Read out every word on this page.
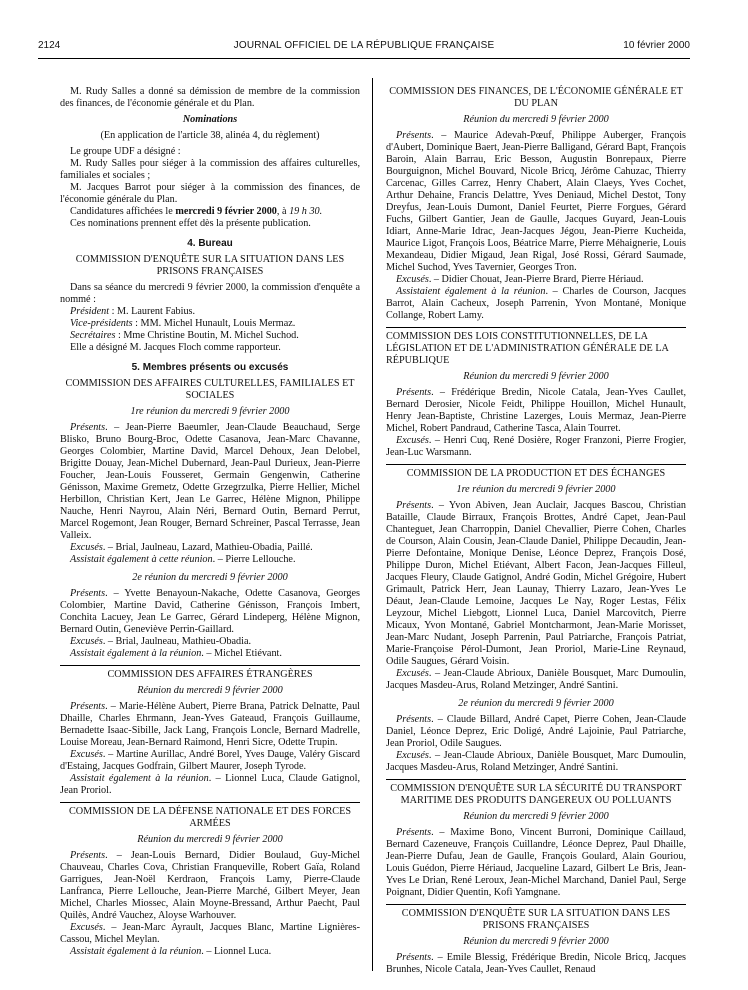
2124	JOURNAL OFFICIEL DE LA RÉPUBLIQUE FRANÇAISE	10 février 2000

M. Rudy Salles a donné sa démission de membre de la commission des finances, de l'économie générale et du Plan.

Nominations

(En application de l'article 38, alinéa 4, du règlement)

Le groupe UDF a désigné :

M. Rudy Salles pour siéger à la commission des affaires culturelles, familiales et sociales ;

M. Jacques Barrot pour siéger à la commission des finances, de l'économie générale du Plan.

Candidatures affichées le mercredi 9 février 2000, à 19 h 30.

Ces nominations prennent effet dès la présente publication.

4. Bureau

COMMISSION D'ENQUÊTE SUR LA SITUATION DANS LES PRISONS FRANÇAISES

Dans sa séance du mercredi 9 février 2000, la commission d'enquête a nommé :

Président : M. Laurent Fabius.

Vice-présidents : MM. Michel Hunault, Louis Mermaz.

Secrétaires : Mme Christine Boutin, M. Michel Suchod.

Elle a désigné M. Jacques Floch comme rapporteur.

5. Membres présents ou excusés

COMMISSION DES AFFAIRES CULTURELLES, FAMILIALES ET SOCIALES

1re réunion du mercredi 9 février 2000

Présents. – Jean-Pierre Baeumler, Jean-Claude Beauchaud, Serge Blisko, Bruno Bourg-Broc, Odette Casanova, Jean-Marc Chavanne, Georges Colombier, Martine David, Marcel Dehoux, Jean Delobel, Brigitte Douay, Jean-Michel Dubernard, Jean-Paul Durieux, Jean-Pierre Foucher, Jean-Louis Fousseret, Germain Gengenwin, Catherine Génisson, Maxime Gremetz, Odette Grzegrzulka, Pierre Hellier, Michel Herbillon, Christian Kert, Jean Le Garrec, Hélène Mignon, Philippe Nauche, Henri Nayrou, Alain Néri, Bernard Outin, Bernard Perrut, Marcel Rogemont, Jean Rouger, Bernard Schreiner, Pascal Terrasse, Jean Valleix.

Excusés. – Brial, Jaulneau, Lazard, Mathieu-Obadia, Paillé.

Assistait également à cette réunion. – Pierre Lellouche.

2e réunion du mercredi 9 février 2000

Présents. – Yvette Benayoun-Nakache, Odette Casanova, Georges Colombier, Martine David, Catherine Génisson, François Imbert, Conchita Lacuey, Jean Le Garrec, Gérard Lindeperg, Hélène Mignon, Bernard Outin, Geneviève Perrin-Gaillard.

Excusés. – Brial, Jaulneau, Mathieu-Obadia.

Assistait également à la réunion. – Michel Etiévant.

COMMISSION DES AFFAIRES ÉTRANGÈRES

Réunion du mercredi 9 février 2000

Présents. – Marie-Hélène Aubert, Pierre Brana, Patrick Delnatte, Paul Dhaille, Charles Ehrmann, Jean-Yves Gateaud, François Guillaume, Bernadette Isaac-Sibille, Jack Lang, François Loncle, Bernard Madrelle, Louise Moreau, Jean-Bernard Raimond, Henri Sicre, Odette Trupin.

Excusés. – Martine Aurillac, André Borel, Yves Dauge, Valéry Giscard d'Estaing, Jacques Godfrain, Gilbert Maurer, Joseph Tyrode.

Assistait également à la réunion. – Lionnel Luca, Claude Gatignol, Jean Proriol.

COMMISSION DE LA DÉFENSE NATIONALE ET DES FORCES ARMÉES

Réunion du mercredi 9 février 2000

Présents. – Jean-Louis Bernard, Didier Boulaud, Guy-Michel Chauveau, Charles Cova, Christian Franqueville, Robert Gaïa, Roland Garrigues, Jean-Noël Kerdraon, François Lamy, Pierre-Claude Lanfranca, Pierre Lellouche, Jean-Pierre Marché, Gilbert Meyer, Jean Michel, Charles Miossec, Alain Moyne-Bressand, Arthur Paecht, Paul Quilès, André Vauchez, Aloyse Warhouver.

Excusés. – Jean-Marc Ayrault, Jacques Blanc, Martine Lignières-Cassou, Michel Meylan.

Assistait également à la réunion. – Lionnel Luca.

COMMISSION DES FINANCES, DE L'ÉCONOMIE GÉNÉRALE ET DU PLAN

Réunion du mercredi 9 février 2000

Présents. – Maurice Adevah-Pœuf, Philippe Auberger, François d'Aubert, Dominique Baert, Jean-Pierre Balligand, Gérard Bapt, François Baroin, Alain Barrau, Eric Besson, Augustin Bonrepaux, Pierre Bourguignon, Michel Bouvard, Nicole Bricq, Jérôme Cahuzac, Thierry Carcenac, Gilles Carrez, Henry Chabert, Alain Claeys, Yves Cochet, Arthur Dehaine, Francis Delattre, Yves Deniaud, Michel Destot, Tony Dreyfus, Jean-Louis Dumont, Daniel Feurtet, Pierre Forgues, Gérard Fuchs, Gilbert Gantier, Jean de Gaulle, Jacques Guyard, Jean-Louis Idiart, Anne-Marie Idrac, Jean-Jacques Jégou, Jean-Pierre Kucheida, Maurice Ligot, François Loos, Béatrice Marre, Pierre Méhaignerie, Louis Mexandeau, Didier Migaud, Jean Rigal, José Rossi, Gérard Saumade, Michel Suchod, Yves Tavernier, Georges Tron.

Excusés. – Didier Chouat, Jean-Pierre Brard, Pierre Hériaud.

Assistaient également à la réunion. – Charles de Courson, Jacques Barrot, Alain Cacheux, Joseph Parrenin, Yvon Montané, Monique Collange, Robert Lamy.

COMMISSION DES LOIS CONSTITUTIONNELLES, DE LA LÉGISLATION ET DE L'ADMINISTRATION GÉNÉRALE DE LA RÉPUBLIQUE

Réunion du mercredi 9 février 2000

Présents. – Frédérique Bredin, Nicole Catala, Jean-Yves Caullet, Bernard Derosier, Nicole Feidt, Philippe Houillon, Michel Hunault, Henry Jean-Baptiste, Christine Lazerges, Louis Mermaz, Jean-Pierre Michel, Robert Pandraud, Catherine Tasca, Alain Tourret.

Excusés. – Henri Cuq, René Dosière, Roger Franzoni, Pierre Frogier, Jean-Luc Warsmann.

COMMISSION DE LA PRODUCTION ET DES ÉCHANGES

1re réunion du mercredi 9 février 2000

Présents. – Yvon Abiven, Jean Auclair, Jacques Bascou, Christian Bataille, Claude Birraux, François Brottes, André Capet, Jean-Paul Chanteguet, Jean Charroppin, Daniel Chevallier, Pierre Cohen, Charles de Courson, Alain Cousin, Jean-Claude Daniel, Philippe Decaudin, Jean-Pierre Defontaine, Monique Denise, Léonce Deprez, François Dosé, Philippe Duron, Michel Etiévant, Albert Facon, Jean-Jacques Filleul, Jacques Fleury, Claude Gatignol, André Godin, Michel Grégoire, Hubert Grimault, Patrick Herr, Jean Launay, Thierry Lazaro, Jean-Yves Le Déaut, Jean-Claude Lemoine, Jacques Le Nay, Roger Lestas, Félix Leyzour, Michel Liebgott, Lionnel Luca, Daniel Marcovitch, Pierre Micaux, Yvon Montané, Gabriel Montcharmont, Jean-Marie Morisset, Jean-Marc Nudant, Joseph Parrenin, Paul Patriarche, François Patriat, Marie-Françoise Pérol-Dumont, Jean Proriol, Marie-Line Reynaud, Odile Saugues, Gérard Voisin.

Excusés. – Jean-Claude Abrioux, Danièle Bousquet, Marc Dumoulin, Jacques Masdeu-Arus, Roland Metzinger, André Santini.

2e réunion du mercredi 9 février 2000

Présents. – Claude Billard, André Capet, Pierre Cohen, Jean-Claude Daniel, Léonce Deprez, Eric Doligé, André Lajoinie, Paul Patriarche, Jean Proriol, Odile Saugues.

Excusés. – Jean-Claude Abrioux, Danièle Bousquet, Marc Dumoulin, Jacques Masdeu-Arus, Roland Metzinger, André Santini.

COMMISSION D'ENQUÊTE SUR LA SÉCURITÉ DU TRANSPORT MARITIME DES PRODUITS DANGEREUX OU POLLUANTS

Réunion du mercredi 9 février 2000

Présents. – Maxime Bono, Vincent Burroni, Dominique Caillaud, Bernard Cazeneuve, François Cuillandre, Léonce Deprez, Paul Dhaille, Jean-Pierre Dufau, Jean de Gaulle, François Goulard, Alain Gouriou, Louis Guédon, Pierre Hériaud, Jacqueline Lazard, Gilbert Le Bris, Jean-Yves Le Drian, René Leroux, Jean-Michel Marchand, Daniel Paul, Serge Poignant, Didier Quentin, Kofi Yamgnane.

COMMISSION D'ENQUÊTE SUR LA SITUATION DANS LES PRISONS FRANÇAISES

Réunion du mercredi 9 février 2000

Présents. – Emile Blessig, Frédérique Bredin, Nicole Bricq, Jacques Brunhes, Nicole Catala, Jean-Yves Caullet, Renaud
